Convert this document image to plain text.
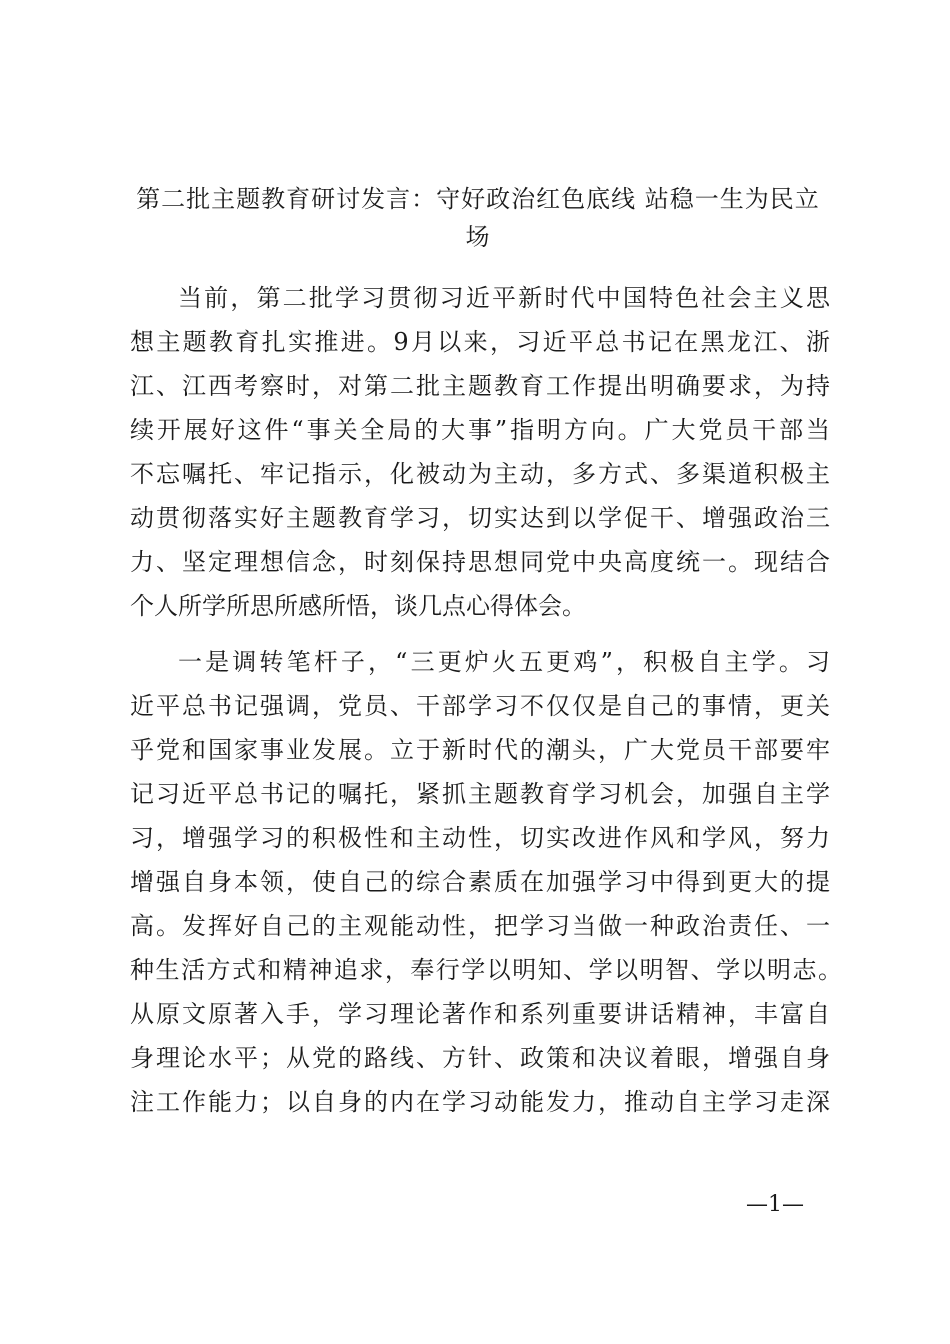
第二批主题教育研讨发言：守好政治红色底线 站稳一生为民立场
当前，第二批学习贯彻习近平新时代中国特色社会主义思
想主题教育扎实推进。9月以来，习近平总书记在黑龙江、浙
江、江西考察时，对第二批主题教育工作提出明确要求，为持
续开展好这件“事关全局的大事”指明方向。广大党员干部当
不忘嘱托、牢记指示，化被动为主动，多方式、多渠道积极主
动贯彻落实好主题教育学习，切实达到以学促干、增强政治三
力、坚定理想信念，时刻保持思想同党中央高度统一。现结合
个人所学所思所感所悟，谈几点心得体会。
一是调转笔杆子，“三更炉火五更鸡”，积极自主学。习
近平总书记强调，党员、干部学习不仅仅是自己的事情，更关
乎党和国家事业发展。立于新时代的潮头，广大党员干部要牢
记习近平总书记的嘱托，紧抓主题教育学习机会，加强自主学
习，增强学习的积极性和主动性，切实改进作风和学风，努力
增强自身本领，使自己的综合素质在加强学习中得到更大的提
高。发挥好自己的主观能动性，把学习当做一种政治责任、一
种生活方式和精神追求，奉行学以明知、学以明智、学以明志。
从原文原著入手，学习理论著作和系列重要讲话精神，丰富自
身理论水平；从党的路线、方针、政策和决议着眼，增强自身
注工作能力；以自身的内在学习动能发力，推动自主学习走深
—1—
